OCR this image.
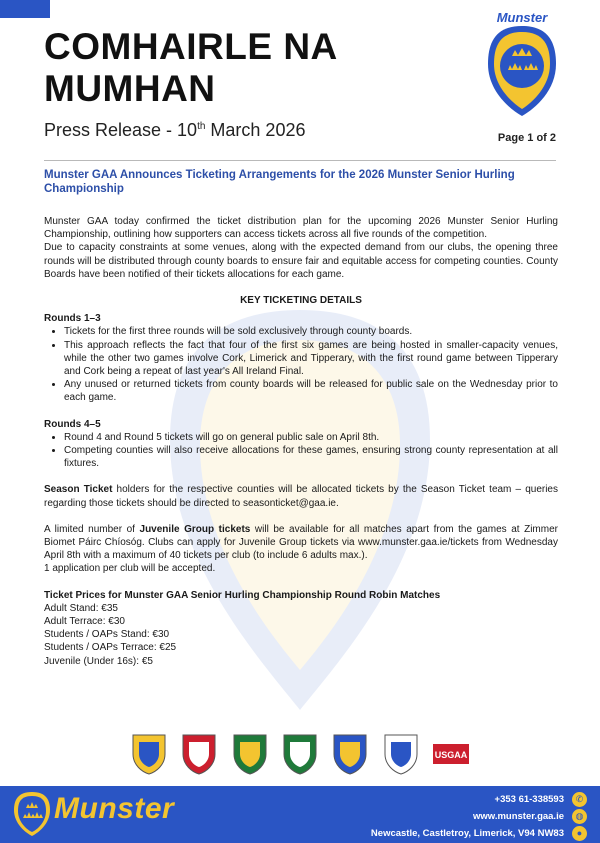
Munster
GAA
COMHAIRLE NA
MUMHAN
Press Release - 10th March 2026	Page 1 of 2
Munster GAA Announces Ticketing Arrangements for the 2026 Munster Senior Hurling Championship

Munster GAA today confirmed the ticket distribution plan for the upcoming 2026 Munster Senior Hurling Championship, outlining how supporters can access tickets across all five rounds of the competition.

Due to capacity constraints at some venues, along with the expected demand from our clubs, the opening three rounds will be distributed through county boards to ensure fair and equitable access for competing counties. County Boards have been notified of their tickets allocations for each game.

KEY TICKETING DETAILS
Rounds 1–3
• Tickets for the first three rounds will be sold exclusively through county boards.
• This approach reflects the fact that four of the first six games are being hosted in smaller-capacity venues, while the other two games involve Cork, Limerick and Tipperary, with the first round game between Tipperary and Cork being a repeat of last year's All Ireland Final.
• Any unused or returned tickets from county boards will be released for public sale on the Wednesday prior to each game.
Rounds 4–5
• Round 4 and Round 5 tickets will go on general public sale on April 8th.
• Competing counties will also receive allocations for these games, ensuring strong county representation at all fixtures.

Season Ticket holders for the respective counties will be allocated tickets by the Season Ticket team – queries regarding those tickets should be directed to seasonticket@gaa.ie.

A limited number of Juvenile Group tickets will be available for all matches apart from the games at Zimmer Biomet Páirc Chíosóg. Clubs can apply for Juvenile Group tickets via www.munster.gaa.ie/tickets from Wednesday April 8th with a maximum of 40 tickets per club (to include 6 adults max.).

1 application per club will be accepted.

Ticket Prices for Munster GAA Senior Hurling Championship Round Robin Matches

Adult Stand: €35

Adult Terrace: €30

Students / OAPs Stand: €30

Students / OAPs Terrace: €25

Juvenile (Under 16s): €5

USGAA
Munster	+353 61-338593
www.munster.gaa.ie
Newcastle, Castletroy, Limerick, V94 NW83
✆
◍
●
